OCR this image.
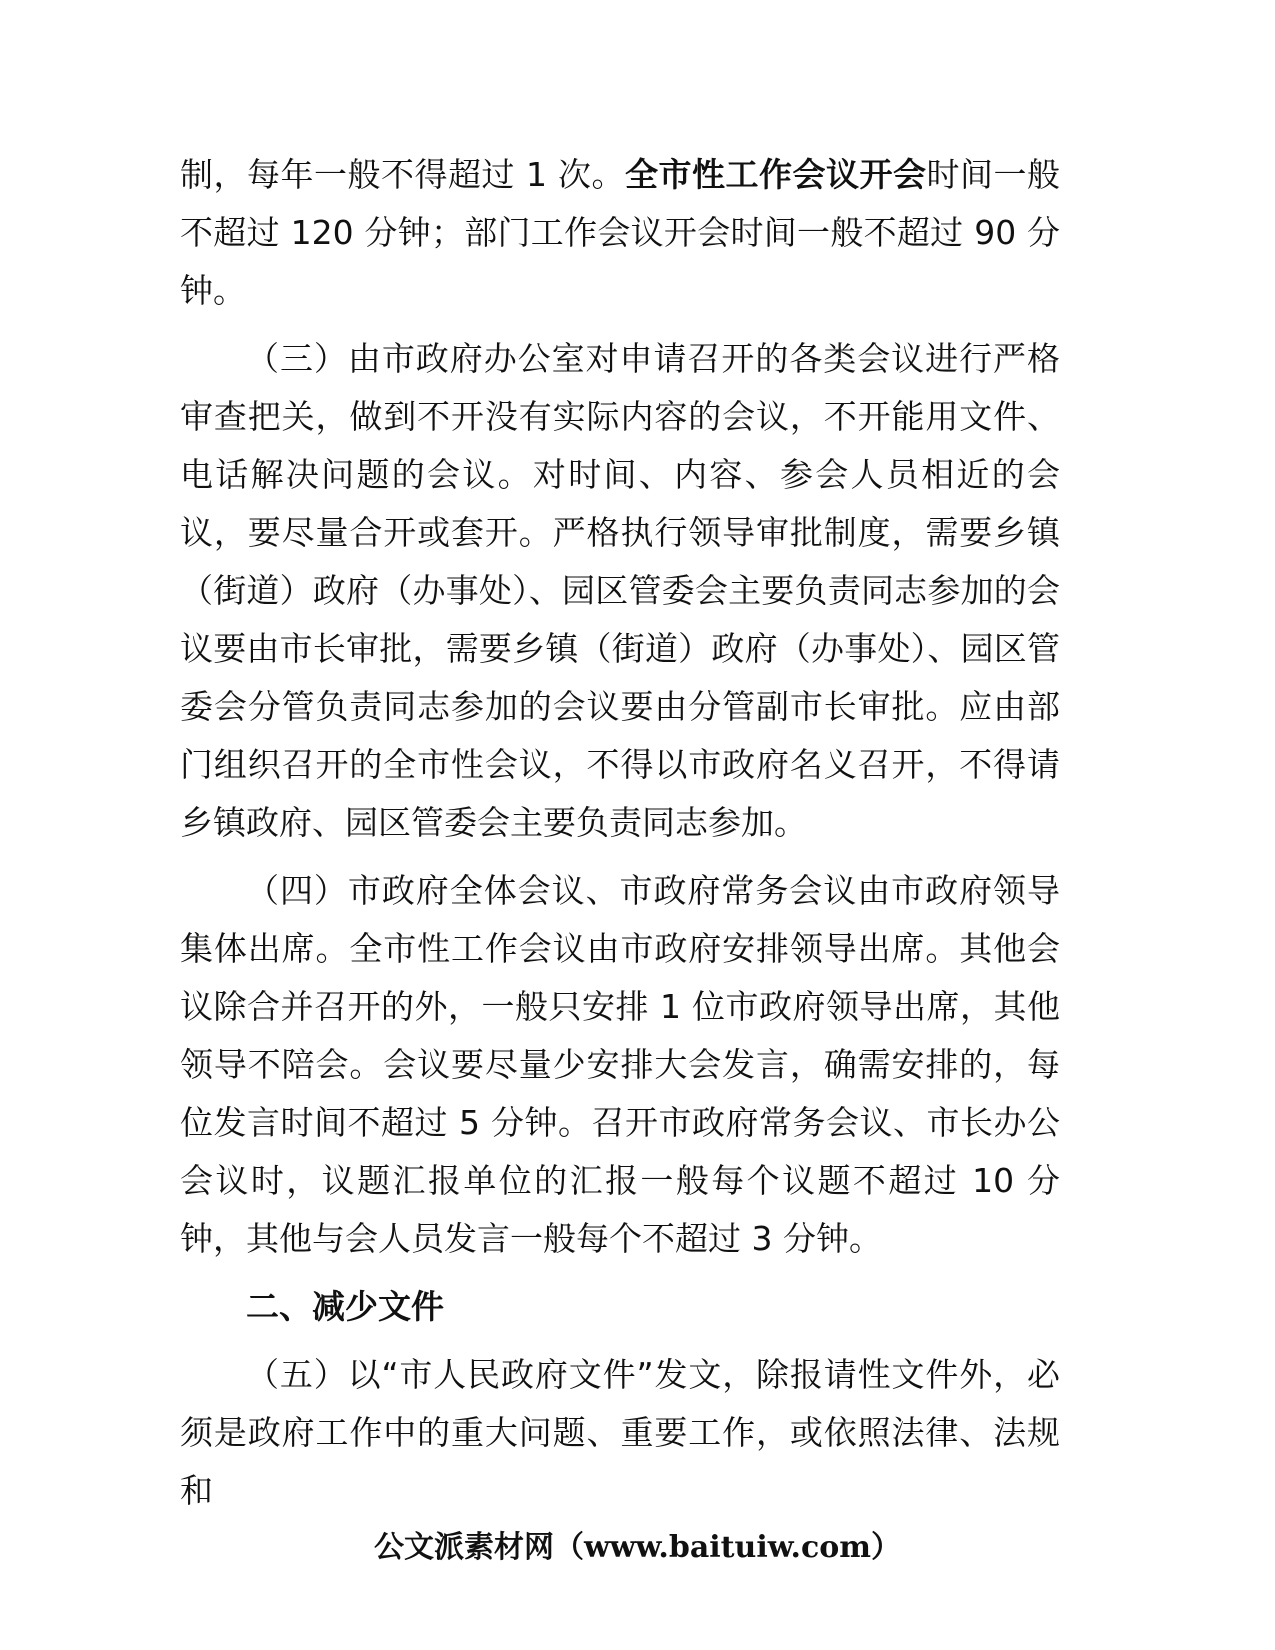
制，每年一般不得超过 1 次。全市性工作会议开会时间一般不超过 120 分钟；部门工作会议开会时间一般不超过 90 分钟。

（三）由市政府办公室对申请召开的各类会议进行严格审查把关，做到不开没有实际内容的会议，不开能用文件、电话解决问题的会议。对时间、内容、参会人员相近的会议，要尽量合开或套开。严格执行领导审批制度，需要乡镇（街道）政府（办事处）、园区管委会主要负责同志参加的会议要由市长审批，需要乡镇（街道）政府（办事处）、园区管委会分管负责同志参加的会议要由分管副市长审批。应由部门组织召开的全市性会议，不得以市政府名义召开，不得请乡镇政府、园区管委会主要负责同志参加。

（四）市政府全体会议、市政府常务会议由市政府领导集体出席。全市性工作会议由市政府安排领导出席。其他会议除合并召开的外，一般只安排 1 位市政府领导出席，其他领导不陪会。会议要尽量少安排大会发言，确需安排的，每位发言时间不超过 5 分钟。召开市政府常务会议、市长办公会议时，议题汇报单位的汇报一般每个议题不超过 10 分钟，其他与会人员发言一般每个不超过 3 分钟。

二、减少文件

（五）以“市人民政府文件”发文，除报请性文件外，必须是政府工作中的重大问题、重要工作，或依照法律、法规和

公文派素材网（www.baituiw.com）
